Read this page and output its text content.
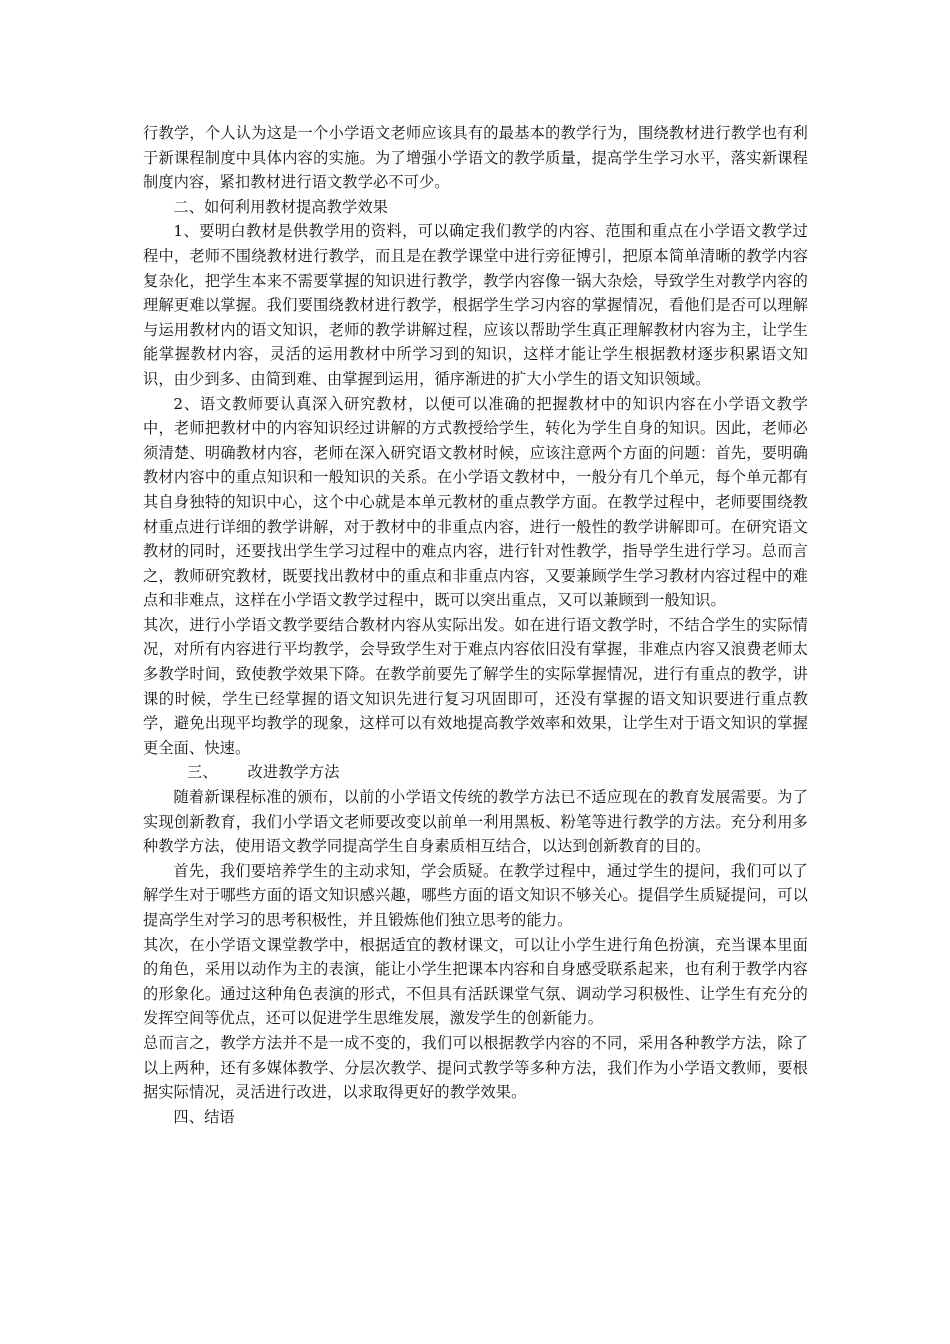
行教学，个人认为这是一个小学语文老师应该具有的最基本的教学行为，围绕教材进行教学也有利于新课程制度中具体内容的实施。为了增强小学语文的教学质量，提高学生学习水平，落实新课程制度内容，紧扣教材进行语文教学必不可少。

二、如何利用教材提高教学效果

1、要明白教材是供教学用的资料，可以确定我们教学的内容、范围和重点在小学语文教学过程中，老师不围绕教材进行教学，而且是在教学课堂中进行旁征博引，把原本简单清晰的教学内容复杂化，把学生本来不需要掌握的知识进行教学，教学内容像一锅大杂烩，导致学生对教学内容的理解更难以掌握。我们要围绕教材进行教学，根据学生学习内容的掌握情况，看他们是否可以理解与运用教材内的语文知识，老师的教学讲解过程，应该以帮助学生真正理解教材内容为主，让学生能掌握教材内容，灵活的运用教材中所学习到的知识，这样才能让学生根据教材逐步积累语文知识，由少到多、由简到难、由掌握到运用，循序渐进的扩大小学生的语文知识领域。

2、语文教师要认真深入研究教材，以便可以准确的把握教材中的知识内容在小学语文教学中，老师把教材中的内容知识经过讲解的方式教授给学生，转化为学生自身的知识。因此，老师必须清楚、明确教材内容，老师在深入研究语文教材时候，应该注意两个方面的问题：首先，要明确教材内容中的重点知识和一般知识的关系。在小学语文教材中，一般分有几个单元，每个单元都有其自身独特的知识中心，这个中心就是本单元教材的重点教学方面。在教学过程中，老师要围绕教材重点进行详细的教学讲解，对于教材中的非重点内容，进行一般性的教学讲解即可。在研究语文教材的同时，还要找出学生学习过程中的难点内容，进行针对性教学，指导学生进行学习。总而言之，教师研究教材，既要找出教材中的重点和非重点内容，又要兼顾学生学习教材内容过程中的难点和非难点，这样在小学语文教学过程中，既可以突出重点，又可以兼顾到一般知识。

其次，进行小学语文教学要结合教材内容从实际出发。如在进行语文教学时，不结合学生的实际情况，对所有内容进行平均教学，会导致学生对于难点内容依旧没有掌握，非难点内容又浪费老师太多教学时间，致使教学效果下降。在教学前要先了解学生的实际掌握情况，进行有重点的教学，讲课的时候，学生已经掌握的语文知识先进行复习巩固即可，还没有掌握的语文知识要进行重点教学，避免出现平均教学的现象，这样可以有效地提高教学效率和效果，让学生对于语文知识的掌握更全面、快速。

三、      改进教学方法

随着新课程标准的颁布，以前的小学语文传统的教学方法已不适应现在的教育发展需要。为了实现创新教育，我们小学语文老师要改变以前单一利用黑板、粉笔等进行教学的方法。充分利用多种教学方法，使用语文教学同提高学生自身素质相互结合，以达到创新教育的目的。

首先，我们要培养学生的主动求知，学会质疑。在教学过程中，通过学生的提问，我们可以了解学生对于哪些方面的语文知识感兴趣，哪些方面的语文知识不够关心。提倡学生质疑提问，可以提高学生对学习的思考积极性，并且锻炼他们独立思考的能力。

其次，在小学语文课堂教学中，根据适宜的教材课文，可以让小学生进行角色扮演，充当课本里面的角色，采用以动作为主的表演，能让小学生把课本内容和自身感受联系起来，也有利于教学内容的形象化。通过这种角色表演的形式，不但具有活跃课堂气氛、调动学习积极性、让学生有充分的发挥空间等优点，还可以促进学生思维发展，激发学生的创新能力。

总而言之，教学方法并不是一成不变的，我们可以根据教学内容的不同，采用各种教学方法，除了以上两种，还有多媒体教学、分层次教学、提问式教学等多种方法，我们作为小学语文教师，要根据实际情况，灵活进行改进，以求取得更好的教学效果。

四、结语
